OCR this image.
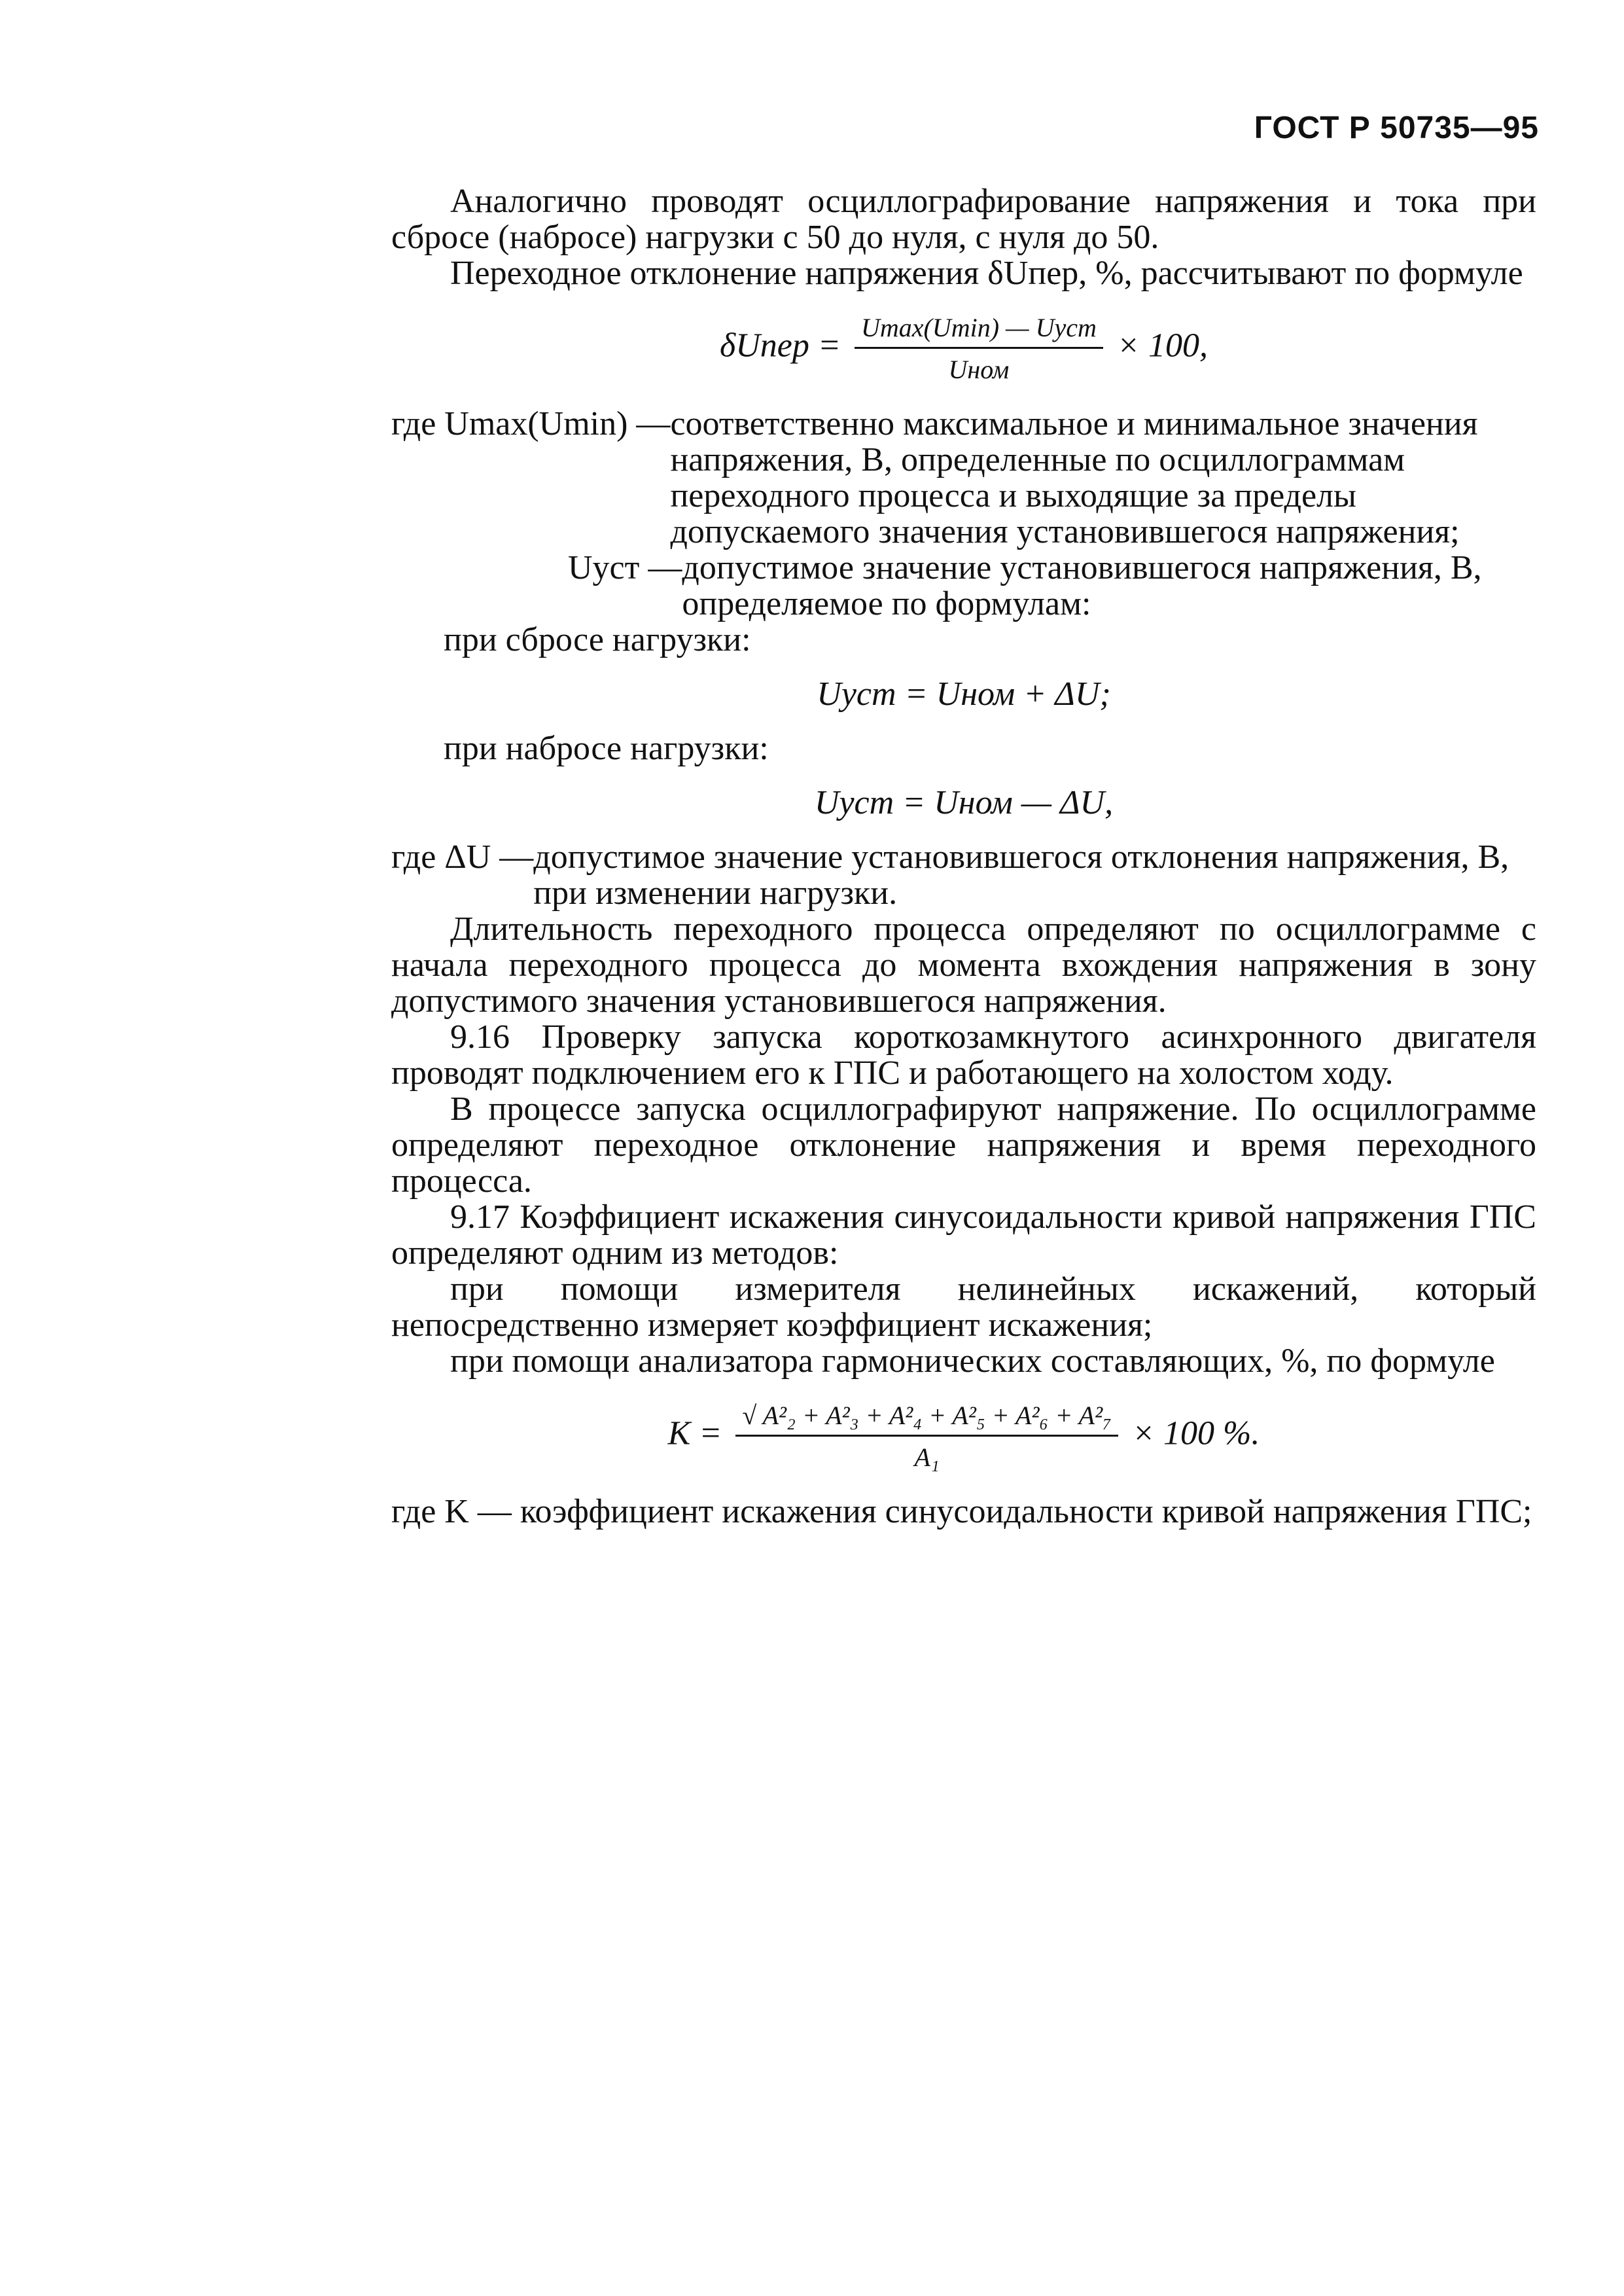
ГОСТ Р 50735—95

Аналогично проводят осциллографирование напряжения и тока при сбросе (набросе) нагрузки с 50 до нуля, с нуля до 50.

Переходное отклонение напряжения δUпер, %, рассчитывают по формуле

δUпер = $\frac{\text{Umax(Umin) — Uуст}}{\text{Uном}} \times 100$,
где Umax(Umin) — соответственно максимальное и минимальное значения напряжения, В, определенные по осциллограммам переходного процесса и выходящие за пределы допускаемого значения установившегося напряжения;
Uуст — допустимое значение установившегося напряжения, В, определяемое по формулам:

при сбросе нагрузки:

Uуст = Uном + ΔU;

при набросе нагрузки:

Uуст = Uном — ΔU,
где ΔU — допустимое значение установившегося отклонения напряжения, В, при изменении нагрузки.

Длительность переходного процесса определяют по осциллограмме с начала переходного процесса до момента вхождения напряжения в зону допустимого значения установившегося напряжения.

9.16 Проверку запуска короткозамкнутого асинхронного двигателя проводят подключением его к ГПС и работающего на холостом ходу.

В процессе запуска осциллографируют напряжение. По осциллограмме определяют переходное отклонение напряжения и время переходного процесса.

9.17 Коэффициент искажения синусоидальности кривой напряжения ГПС определяют одним из методов:

при помощи измерителя нелинейных искажений, который непосредственно измеряет коэффициент искажения;

при помощи анализатора гармонических составляющих, %, по формуле

$K = \frac{\text{√ A²₂ + A²₃ + A²₄ + A²₅ + A²₆ + A²₇}}{\text{A₁}} \times 100$ %.

где K — коэффициент искажения синусоидальности кривой напряжения ГПС;
